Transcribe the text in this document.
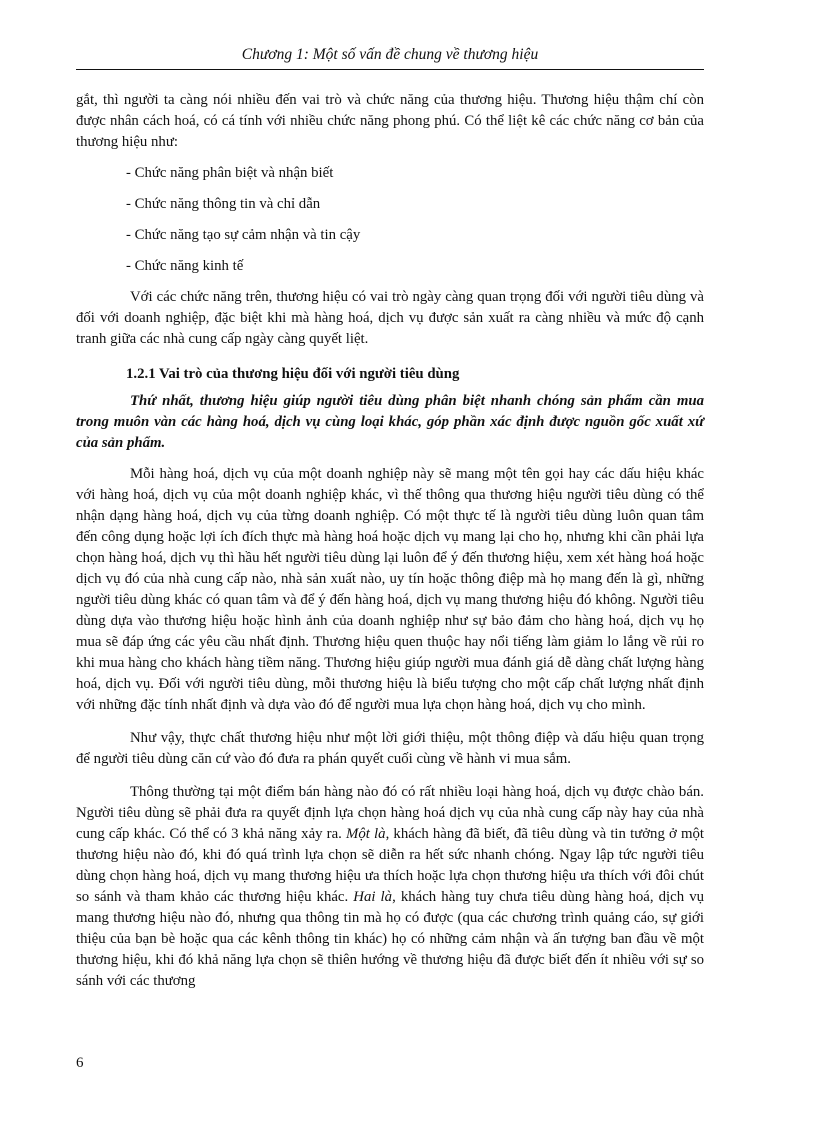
Chương 1: Một số vấn đề chung về thương hiệu

gắt, thì người ta càng nói nhiều đến vai trò và chức năng của thương hiệu. Thương hiệu thậm chí còn được nhân cách hoá, có cá tính với nhiều chức năng phong phú. Có thể liệt kê các chức năng cơ bản của thương hiệu như:

- Chức năng phân biệt và nhận biết

- Chức năng thông tin và chỉ dẫn

- Chức năng tạo sự cảm nhận và tin cậy

- Chức năng kinh tế

Với các chức năng trên, thương hiệu có vai trò ngày càng quan trọng đối với người tiêu dùng và đối với doanh nghiệp, đặc biệt khi mà hàng hoá, dịch vụ được sản xuất ra càng nhiều và mức độ cạnh tranh giữa các nhà cung cấp ngày càng quyết liệt.

1.2.1 Vai trò của thương hiệu đối với người tiêu dùng

Thứ nhất, thương hiệu giúp người tiêu dùng phân biệt nhanh chóng sản phẩm cần mua trong muôn vàn các hàng hoá, dịch vụ cùng loại khác, góp phần xác định được nguồn gốc xuất xứ của sản phẩm.

Mỗi hàng hoá, dịch vụ của một doanh nghiệp này sẽ mang một tên gọi hay các dấu hiệu khác với hàng hoá, dịch vụ của một doanh nghiệp khác, vì thế thông qua thương hiệu người tiêu dùng có thể nhận dạng hàng hoá, dịch vụ của từng doanh nghiệp. Có một thực tế là người tiêu dùng luôn quan tâm đến công dụng hoặc lợi ích đích thực mà hàng hoá hoặc dịch vụ mang lại cho họ, nhưng khi cần phải lựa chọn hàng hoá, dịch vụ thì hầu hết người tiêu dùng lại luôn để ý đến thương hiệu, xem xét hàng hoá hoặc dịch vụ đó của nhà cung cấp nào, nhà sản xuất nào, uy tín hoặc thông điệp mà họ mang đến là gì, những người tiêu dùng khác có quan tâm và để ý đến hàng hoá, dịch vụ mang thương hiệu đó không. Người tiêu dùng dựa vào thương hiệu hoặc hình ảnh của doanh nghiệp như sự bảo đảm cho hàng hoá, dịch vụ họ mua sẽ đáp ứng các yêu cầu nhất định. Thương hiệu quen thuộc hay nổi tiếng làm giảm lo lắng về rủi ro khi mua hàng cho khách hàng tiềm năng. Thương hiệu giúp người mua đánh giá dễ dàng chất lượng hàng hoá, dịch vụ. Đối với người tiêu dùng, mỗi thương hiệu là biểu tượng cho một cấp chất lượng nhất định với những đặc tính nhất định và dựa vào đó để người mua lựa chọn hàng hoá, dịch vụ cho mình.

Như vậy, thực chất thương hiệu như một lời giới thiệu, một thông điệp và dấu hiệu quan trọng để người tiêu dùng căn cứ vào đó đưa ra phán quyết cuối cùng về hành vi mua sắm.

Thông thường tại một điểm bán hàng nào đó có rất nhiều loại hàng hoá, dịch vụ được chào bán. Người tiêu dùng sẽ phải đưa ra quyết định lựa chọn hàng hoá dịch vụ của nhà cung cấp này hay của nhà cung cấp khác. Có thể có 3 khả năng xảy ra. Một là, khách hàng đã biết, đã tiêu dùng và tin tưởng ở một thương hiệu nào đó, khi đó quá trình lựa chọn sẽ diễn ra hết sức nhanh chóng. Ngay lập tức người tiêu dùng chọn hàng hoá, dịch vụ mang thương hiệu ưa thích hoặc lựa chọn thương hiệu ưa thích với đôi chút so sánh và tham khảo các thương hiệu khác. Hai là, khách hàng tuy chưa tiêu dùng hàng hoá, dịch vụ mang thương hiệu nào đó, nhưng qua thông tin mà họ có được (qua các chương trình quảng cáo, sự giới thiệu của bạn bè hoặc qua các kênh thông tin khác) họ có những cảm nhận và ấn tượng ban đầu về một thương hiệu, khi đó khả năng lựa chọn sẽ thiên hướng về thương hiệu đã được biết đến ít nhiều với sự so sánh với các thương

6
